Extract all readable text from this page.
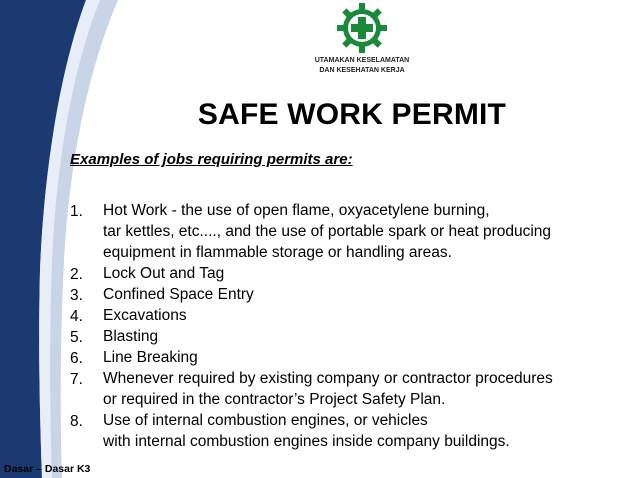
UTAMAKAN KESELAMATAN
DAN KESEHATAN KERJA
SAFE WORK PERMIT
Examples of jobs requiring permits are:
1. Hot Work - the use of open flame, oxyacetylene burning,
tar kettles, etc...., and the use of portable spark or heat producing
equipment in flammable storage or handling areas.
2. Lock Out and Tag
3. Confined Space Entry
4. Excavations
5. Blasting
6. Line Breaking
7. Whenever required by existing company or contractor procedures
or required in the contractor’s Project Safety Plan.
8. Use of internal combustion engines, or vehicles
with internal combustion engines inside company buildings.
Dasar – Dasar K3
